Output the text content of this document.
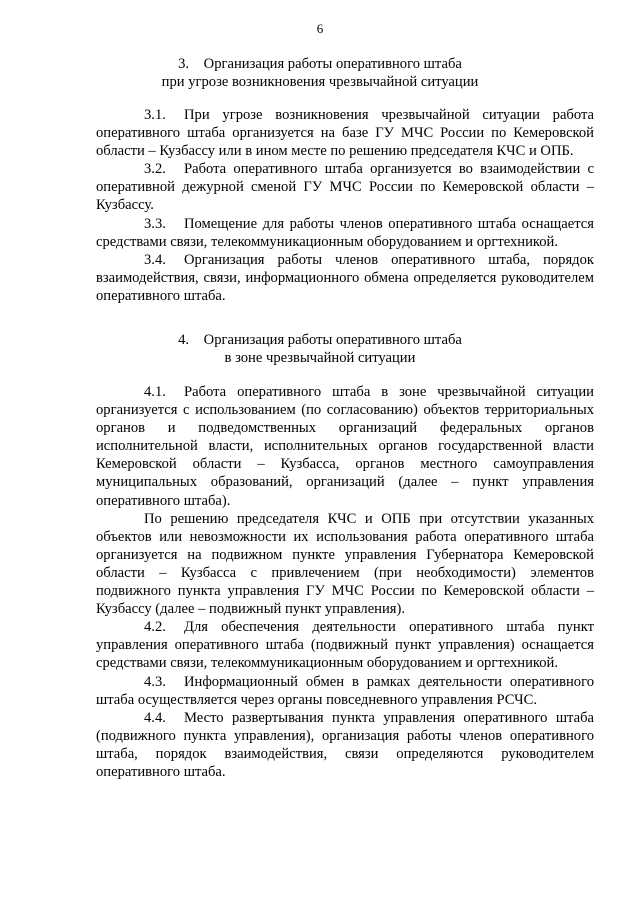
6
3.    Организация работы оперативного штаба
при угрозе возникновения чрезвычайной ситуации

3.1. При угрозе возникновения чрезвычайной ситуации работа оперативного штаба организуется на базе ГУ МЧС России по Кемеровской области – Кузбассу или в ином месте по решению председателя КЧС и ОПБ.

3.2. Работа оперативного штаба организуется во взаимодействии с оперативной дежурной сменой ГУ МЧС России по Кемеровской области – Кузбассу.

3.3. Помещение для работы членов оперативного штаба оснащается средствами связи, телекоммуникационным оборудованием и оргтехникой.

3.4. Организация работы членов оперативного штаба, порядок взаимодействия, связи, информационного обмена определяется руководителем оперативного штаба.

4.    Организация работы оперативного штаба
в зоне чрезвычайной ситуации

4.1. Работа оперативного штаба в зоне чрезвычайной ситуации организуется с использованием (по согласованию) объектов территориальных органов и подведомственных организаций федеральных органов исполнительной власти, исполнительных органов государственной власти Кемеровской области – Кузбасса, органов местного самоуправления муниципальных образований, организаций (далее – пункт управления оперативного штаба).

По решению председателя КЧС и ОПБ при отсутствии указанных объектов или невозможности их использования работа оперативного штаба организуется на подвижном пункте управления Губернатора Кемеровской области – Кузбасса с привлечением (при необходимости) элементов подвижного пункта управления ГУ МЧС России по Кемеровской области – Кузбассу (далее – подвижный пункт управления).

4.2. Для обеспечения деятельности оперативного штаба пункт управления оперативного штаба (подвижный пункт управления) оснащается средствами связи, телекоммуникационным оборудованием и оргтехникой.

4.3. Информационный обмен в рамках деятельности оперативного штаба осуществляется через органы повседневного управления РСЧС.

4.4. Место развертывания пункта управления оперативного штаба (подвижного пункта управления), организация работы членов оперативного штаба, порядок взаимодействия, связи определяются руководителем оперативного штаба.
